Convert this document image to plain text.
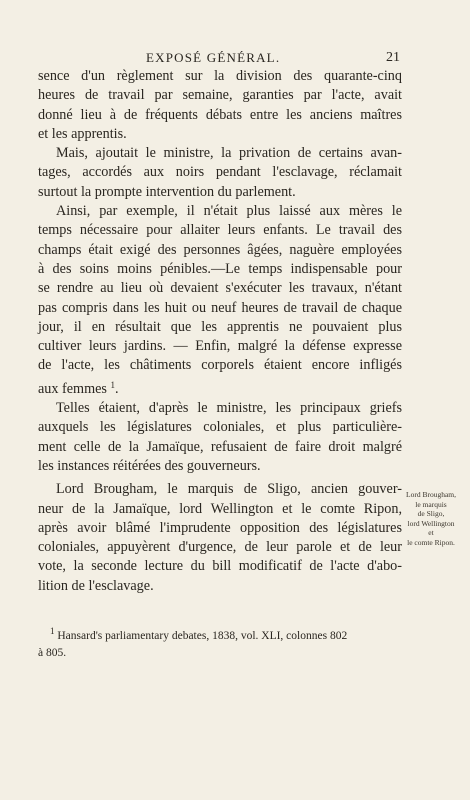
EXPOSÉ GÉNÉRAL.	21
sence d'un règlement sur la division des quarante-cinq
heures de travail par semaine, garanties par l'acte, avait
donné lieu à de fréquents débats entre les anciens maîtres
et les apprentis.
Mais, ajoutait le ministre, la privation de certains avan-
tages, accordés aux noirs pendant l'esclavage, réclamait
surtout la prompte intervention du parlement.
Ainsi, par exemple, il n'était plus laissé aux mères le
temps nécessaire pour allaiter leurs enfants. Le travail des
champs était exigé des personnes âgées, naguère employées
à des soins moins pénibles.—Le temps indispensable pour
se rendre au lieu où devaient s'exécuter les travaux, n'étant
pas compris dans les huit ou neuf heures de travail de chaque
jour, il en résultait que les apprentis ne pouvaient plus
cultiver leurs jardins. — Enfin, malgré la défense expresse
de l'acte, les châtiments corporels étaient encore infligés
aux femmes $^1$.
Telles étaient, d'après le ministre, les principaux griefs
auxquels les législatures coloniales, et plus particulière-
ment celle de la Jamaïque, refusaient de faire droit malgré
les instances réitérées des gouverneurs.
Lord Brougham, le marquis de Sligo, ancien gouver-
neur de la Jamaïque, lord Wellington et le comte Ripon,
après avoir blâmé l'imprudente opposition des législatures
coloniales, appuyèrent d'urgence, de leur parole et de leur
vote, la seconde lecture du bill modificatif de l'acte d'abo-
lition de l'esclavage.
Lord Brougham,
le marquis
de Sligo,
lord Wellington
et
le comte Ripon.
$^1$ Hansard's parliamentary debates, 1838, vol. XLI, colonnes 802
à 805.
